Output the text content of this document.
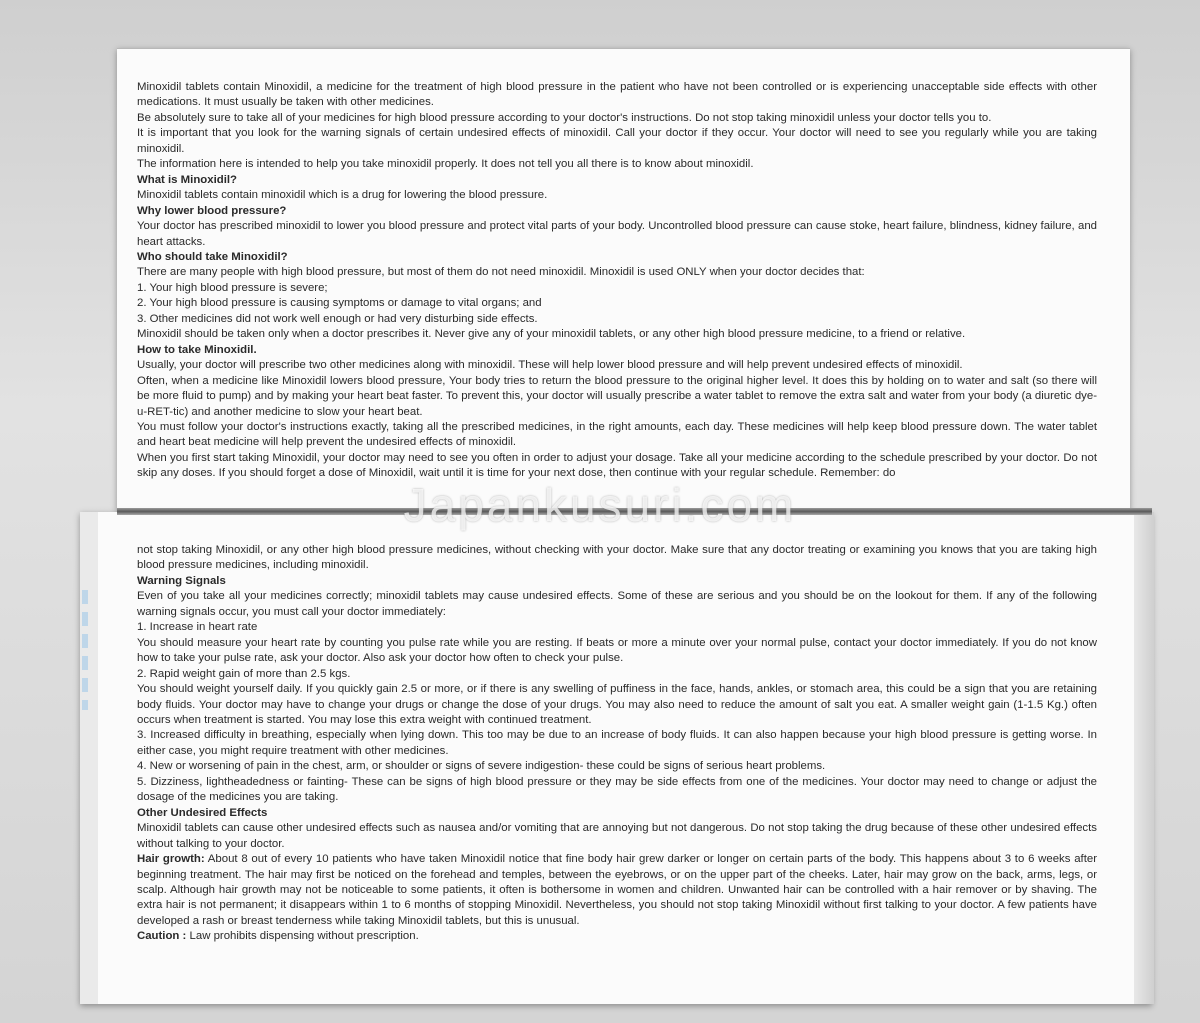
Minoxidil tablets contain Minoxidil, a medicine for the treatment of high blood pressure in the patient who have not been controlled or is experiencing unacceptable side effects with other medications. It must usually be taken with other medicines.

Be absolutely sure to take all of your medicines for high blood pressure according to your doctor's instructions. Do not stop taking minoxidil unless your doctor tells you to.

It is important that you look for the warning signals of certain undesired effects of minoxidil. Call your doctor if they occur. Your doctor will need to see you regularly while you are taking minoxidil.

The information here is intended to help you take minoxidil properly. It does not tell you all there is to know about minoxidil.

What is Minoxidil?

Minoxidil tablets contain minoxidil which is a drug for lowering the blood pressure.

Why lower blood pressure?

Your doctor has prescribed minoxidil to lower you blood pressure and protect vital parts of your body. Uncontrolled blood pressure can cause stoke, heart failure, blindness, kidney failure, and heart attacks.

Who should take Minoxidil?

There are many people with high blood pressure, but most of them do not need minoxidil. Minoxidil is used ONLY when your doctor decides that:

1. Your high blood pressure is severe;

2. Your high blood pressure is causing symptoms or damage to vital organs; and

3. Other medicines did not work well enough or had very disturbing side effects.

Minoxidil should be taken only when a doctor prescribes it. Never give any of your minoxidil tablets, or any other high blood pressure medicine, to a friend or relative.

How to take Minoxidil.

Usually, your doctor will prescribe two other medicines along with minoxidil. These will help lower blood pressure and will help prevent undesired effects of minoxidil.

Often, when a medicine like Minoxidil lowers blood pressure, Your body tries to return the blood pressure to the original higher level. It does this by holding on to water and salt (so there will be more fluid to pump) and by making your heart beat faster. To prevent this, your doctor will usually prescribe a water tablet to remove the extra salt and water from your body (a diuretic dye-u-RET-tic) and another medicine to slow your heart beat.

You must follow your doctor's instructions exactly, taking all the prescribed medicines, in the right amounts, each day. These medicines will help keep blood pressure down. The water tablet and heart beat medicine will help prevent the undesired effects of minoxidil.

When you first start taking Minoxidil, your doctor may need to see you often in order to adjust your dosage. Take all your medicine according to the schedule prescribed by your doctor. Do not skip any doses. If you should forget a dose of Minoxidil, wait until it is time for your next dose, then continue with your regular schedule. Remember: do

not stop taking Minoxidil, or any other high blood pressure medicines, without checking with your doctor. Make sure that any doctor treating or examining you knows that you are taking high blood pressure medicines, including minoxidil.

Warning Signals

Even of you take all your medicines correctly; minoxidil tablets may cause undesired effects. Some of these are serious and you should be on the lookout for them. If any of the following warning signals occur, you must call your doctor immediately:

1. Increase in heart rate

You should measure your heart rate by counting you pulse rate while you are resting. If beats or more a minute over your normal pulse, contact your doctor immediately. If you do not know how to take your pulse rate, ask your doctor. Also ask your doctor how often to check your pulse.

2. Rapid weight gain of more than 2.5 kgs.

You should weight yourself daily. If you quickly gain 2.5 or more, or if there is any swelling of puffiness in the face, hands, ankles, or stomach area, this could be a sign that you are retaining body fluids. Your doctor may have to change your drugs or change the dose of your drugs. You may also need to reduce the amount of salt you eat. A smaller weight gain (1-1.5 Kg.) often occurs when treatment is started. You may lose this extra weight with continued treatment.

3. Increased difficulty in breathing, especially when lying down. This too may be due to an increase of body fluids. It can also happen because your high blood pressure is getting worse. In either case, you might require treatment with other medicines.

4. New or worsening of pain in the chest, arm, or shoulder or signs of severe indigestion- these could be signs of serious heart problems.

5. Dizziness, lightheadedness or fainting- These can be signs of high blood pressure or they may be side effects from one of the medicines. Your doctor may need to change or adjust the dosage of the medicines you are taking.

Other Undesired Effects

Minoxidil tablets can cause other undesired effects such as nausea and/or vomiting that are annoying but not dangerous. Do not stop taking the drug because of these other undesired effects without talking to your doctor.

Hair growth: About 8 out of every 10 patients who have taken Minoxidil notice that fine body hair grew darker or longer on certain parts of the body. This happens about 3 to 6 weeks after beginning treatment. The hair may first be noticed on the forehead and temples, between the eyebrows, or on the upper part of the cheeks. Later, hair may grow on the back, arms, legs, or scalp. Although hair growth may not be noticeable to some patients, it often is bothersome in women and children. Unwanted hair can be controlled with a hair remover or by shaving. The extra hair is not permanent; it disappears within 1 to 6 months of stopping Minoxidil. Nevertheless, you should not stop taking Minoxidil without first talking to your doctor. A few patients have developed a rash or breast tenderness while taking Minoxidil tablets, but this is unusual.

Caution : Law prohibits dispensing without prescription.

Japankusuri.com
